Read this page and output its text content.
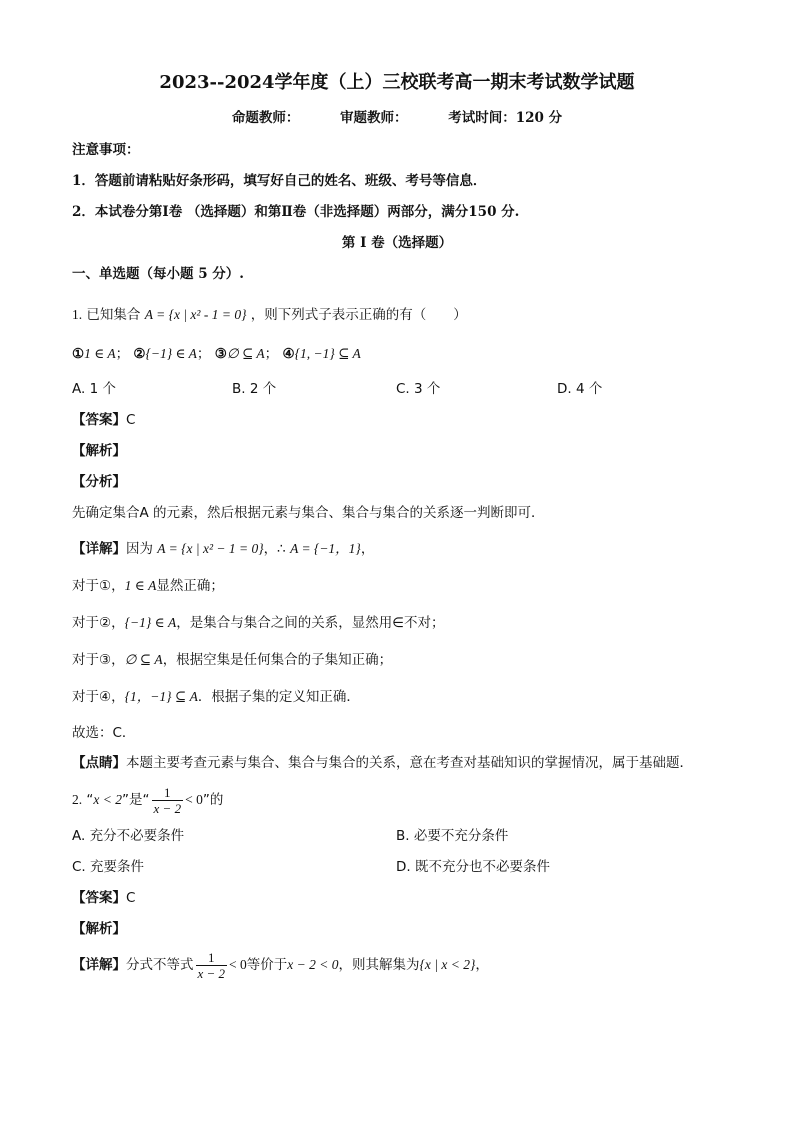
2023--2024学年度（上）三校联考高一期末考试数学试题
命题教师：	审题教师：	考试时间：120 分
注意事项：
1．答题前请粘贴好条形码，填写好自己的姓名、班级、考号等信息．
2．本试卷分第Ⅰ卷 （选择题）和第Ⅱ卷（非选择题）两部分，满分150 分.
第 I 卷（选择题）
一、单选题（每小题 5 分）.
1. 已知集合 A = {x | x² - 1 = 0} ，则下列式子表示正确的有（　　）
①1 ∈ A； ②{−1} ∈ A； ③∅ ⊆ A； ④{1, −1} ⊆ A
A. 1 个	B. 2 个	C. 3 个	D. 4 个
【答案】C
【解析】
【分析】
先确定集合A 的元素，然后根据元素与集合、集合与集合的关系逐一判断即可．
【详解】因为 A = {x | x² − 1 = 0}，∴ A = {−1，1}，
对于①，1 ∈ A显然正确；
对于②，{−1} ∈ A，是集合与集合之间的关系，显然用∈不对；
对于③，∅ ⊆ A，根据空集是任何集合的子集知正确；
对于④，{1，−1} ⊆ A．根据子集的定义知正确．
故选：C．
【点睛】本题主要考查元素与集合、集合与集合的关系，意在考查对基础知识的掌握情况，属于基础题．
2. “x < 2”是“ $\frac{1}{x - 2} < 0$”的
A. 充分不必要条件	B. 必要不充分条件
C. 充要条件	D. 既不充分也不必要条件
【答案】C
【解析】
【详解】分式不等式 $\frac{1}{x - 2} < 0$等价于x − 2 < 0，则其解集为{x | x < 2}，
